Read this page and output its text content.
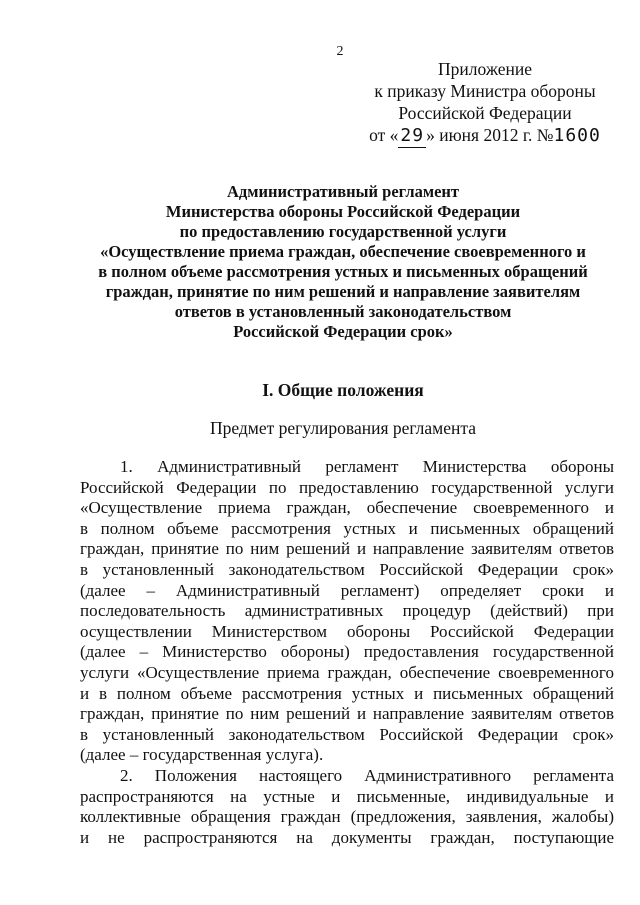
2
Приложение
к приказу Министра обороны
Российской Федерации
от « 29 » июня 2012 г. №1600
Административный регламент
Министерства обороны Российской Федерации
по предоставлению государственной услуги
«Осуществление приема граждан, обеспечение своевременного и
в полном объеме рассмотрения устных и письменных обращений
граждан, принятие по ним решений и направление заявителям
ответов в установленный законодательством
Российской Федерации срок»
I. Общие положения
Предмет регулирования регламента
1. Административный регламент Министерства обороны
Российской Федерации по предоставлению государственной услуги
«Осуществление приема граждан, обеспечение своевременного и
в полном объеме рассмотрения устных и письменных обращений
граждан, принятие по ним решений и направление заявителям ответов
в установленный законодательством Российской Федерации срок»
(далее – Административный регламент) определяет сроки и
последовательность административных процедур (действий) при
осуществлении Министерством обороны Российской Федерации
(далее – Министерство обороны) предоставления государственной
услуги «Осуществление приема граждан, обеспечение своевременного
и в полном объеме рассмотрения устных и письменных обращений
граждан, принятие по ним решений и направление заявителям ответов
в установленный законодательством Российской Федерации срок»
(далее – государственная услуга).
2. Положения настоящего Административного регламента
распространяются на устные и письменные, индивидуальные и
коллективные обращения граждан (предложения, заявления, жалобы)
и не распространяются на документы граждан, поступающие
